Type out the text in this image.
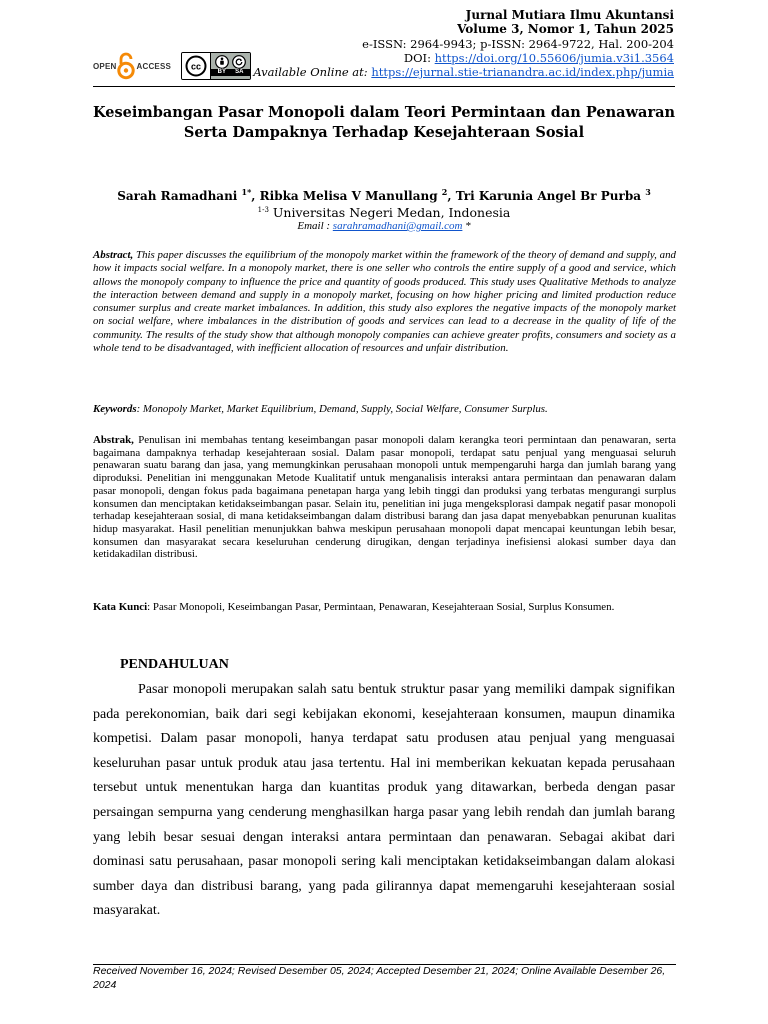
OPEN	ACCESS cc
BY SA
Jurnal Mutiara Ilmu Akuntansi
Volume 3, Nomor 1, Tahun 2025
e-ISSN: 2964-9943; p-ISSN: 2964-9722, Hal. 200-204
DOI: https://doi.org/10.55606/jumia.v3i1.3564
Available Online at: https://ejurnal.stie-trianandra.ac.id/index.php/jumia
Keseimbangan Pasar Monopoli dalam Teori Permintaan dan Penawaran
Serta Dampaknya Terhadap Kesejahteraan Sosial
Sarah Ramadhani $^{1*}$, Ribka Melisa V Manullang $^2$, Tri Karunia Angel Br Purba $^3$
$^{1-3}$ Universitas Negeri Medan, Indonesia
Email : sarahramadhani@gmail.com *
Abstract, This paper discusses the equilibrium of the monopoly market within the framework of the theory of demand and supply, and how it impacts social welfare. In a monopoly market, there is one seller who controls the entire supply of a good and service, which allows the monopoly company to influence the price and quantity of goods produced. This study uses Qualitative Methods to analyze the interaction between demand and supply in a monopoly market, focusing on how higher pricing and limited production reduce consumer surplus and create market imbalances. In addition, this study also explores the negative impacts of the monopoly market on social welfare, where imbalances in the distribution of goods and services can lead to a decrease in the quality of life of the community. The results of the study show that although monopoly companies can achieve greater profits, consumers and society as a whole tend to be disadvantaged, with inefficient allocation of resources and unfair distribution.
Keywords: Monopoly Market, Market Equilibrium, Demand, Supply, Social Welfare, Consumer Surplus.
Abstrak, Penulisan ini membahas tentang keseimbangan pasar monopoli dalam kerangka teori permintaan dan penawaran, serta bagaimana dampaknya terhadap kesejahteraan sosial. Dalam pasar monopoli, terdapat satu penjual yang menguasai seluruh penawaran suatu barang dan jasa, yang memungkinkan perusahaan monopoli untuk mempengaruhi harga dan jumlah barang yang diproduksi. Penelitian ini menggunakan Metode Kualitatif untuk menganalisis interaksi antara permintaan dan penawaran dalam pasar monopoli, dengan fokus pada bagaimana penetapan harga yang lebih tinggi dan produksi yang terbatas mengurangi surplus konsumen dan menciptakan ketidakseimbangan pasar. Selain itu, penelitian ini juga mengeksplorasi dampak negatif pasar monopoli terhadap kesejahteraan sosial, di mana ketidakseimbangan dalam distribusi barang dan jasa dapat menyebabkan penurunan kualitas hidup masyarakat. Hasil penelitian menunjukkan bahwa meskipun perusahaan monopoli dapat mencapai keuntungan lebih besar, konsumen dan masyarakat secara keseluruhan cenderung dirugikan, dengan terjadinya inefisiensi alokasi sumber daya dan ketidakadilan distribusi.
Kata Kunci: Pasar Monopoli, Keseimbangan Pasar, Permintaan, Penawaran, Kesejahteraan Sosial, Surplus Konsumen.
PENDAHULUAN
Pasar monopoli merupakan salah satu bentuk struktur pasar yang memiliki dampak signifikan pada perekonomian, baik dari segi kebijakan ekonomi, kesejahteraan konsumen, maupun dinamika kompetisi. Dalam pasar monopoli, hanya terdapat satu produsen atau penjual yang menguasai keseluruhan pasar untuk produk atau jasa tertentu. Hal ini memberikan kekuatan kepada perusahaan tersebut untuk menentukan harga dan kuantitas produk yang ditawarkan, berbeda dengan pasar persaingan sempurna yang cenderung menghasilkan harga pasar yang lebih rendah dan jumlah barang yang lebih besar sesuai dengan interaksi antara permintaan dan penawaran. Sebagai akibat dari dominasi satu perusahaan, pasar monopoli sering kali menciptakan ketidakseimbangan dalam alokasi sumber daya dan distribusi barang, yang pada gilirannya dapat memengaruhi kesejahteraan sosial masyarakat.
Received November 16, 2024; Revised Desember 05, 2024; Accepted Desember 21, 2024; Online Available Desember 26, 2024
